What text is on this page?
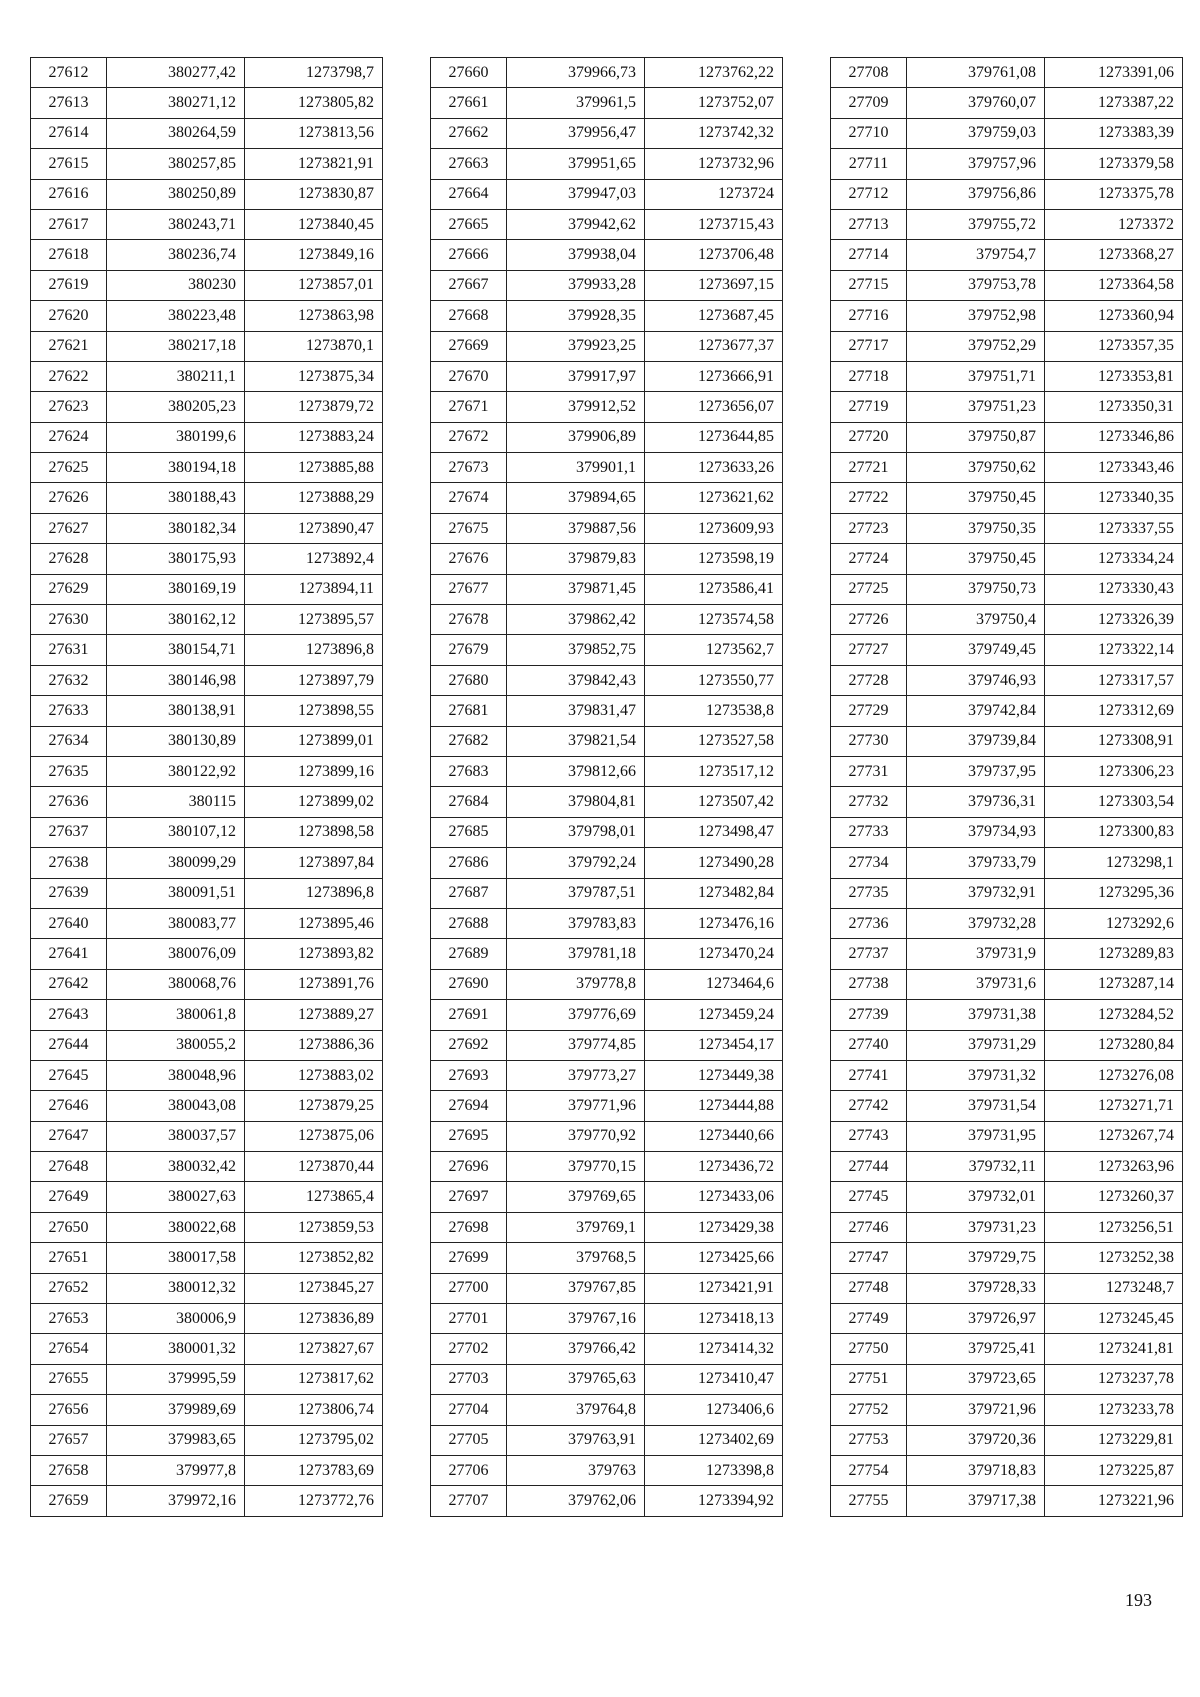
27612	380277,42	1273798,7
27613	380271,12	1273805,82
27614	380264,59	1273813,56
27615	380257,85	1273821,91
27616	380250,89	1273830,87
27617	380243,71	1273840,45
27618	380236,74	1273849,16
27619	380230	1273857,01
27620	380223,48	1273863,98
27621	380217,18	1273870,1
27622	380211,1	1273875,34
27623	380205,23	1273879,72
27624	380199,6	1273883,24
27625	380194,18	1273885,88
27626	380188,43	1273888,29
27627	380182,34	1273890,47
27628	380175,93	1273892,4
27629	380169,19	1273894,11
27630	380162,12	1273895,57
27631	380154,71	1273896,8
27632	380146,98	1273897,79
27633	380138,91	1273898,55
27634	380130,89	1273899,01
27635	380122,92	1273899,16
27636	380115	1273899,02
27637	380107,12	1273898,58
27638	380099,29	1273897,84
27639	380091,51	1273896,8
27640	380083,77	1273895,46
27641	380076,09	1273893,82
27642	380068,76	1273891,76
27643	380061,8	1273889,27
27644	380055,2	1273886,36
27645	380048,96	1273883,02
27646	380043,08	1273879,25
27647	380037,57	1273875,06
27648	380032,42	1273870,44
27649	380027,63	1273865,4
27650	380022,68	1273859,53
27651	380017,58	1273852,82
27652	380012,32	1273845,27
27653	380006,9	1273836,89
27654	380001,32	1273827,67
27655	379995,59	1273817,62
27656	379989,69	1273806,74
27657	379983,65	1273795,02
27658	379977,8	1273783,69
27659	379972,16	1273772,76
27660	379966,73	1273762,22
27661	379961,5	1273752,07
27662	379956,47	1273742,32
27663	379951,65	1273732,96
27664	379947,03	1273724
27665	379942,62	1273715,43
27666	379938,04	1273706,48
27667	379933,28	1273697,15
27668	379928,35	1273687,45
27669	379923,25	1273677,37
27670	379917,97	1273666,91
27671	379912,52	1273656,07
27672	379906,89	1273644,85
27673	379901,1	1273633,26
27674	379894,65	1273621,62
27675	379887,56	1273609,93
27676	379879,83	1273598,19
27677	379871,45	1273586,41
27678	379862,42	1273574,58
27679	379852,75	1273562,7
27680	379842,43	1273550,77
27681	379831,47	1273538,8
27682	379821,54	1273527,58
27683	379812,66	1273517,12
27684	379804,81	1273507,42
27685	379798,01	1273498,47
27686	379792,24	1273490,28
27687	379787,51	1273482,84
27688	379783,83	1273476,16
27689	379781,18	1273470,24
27690	379778,8	1273464,6
27691	379776,69	1273459,24
27692	379774,85	1273454,17
27693	379773,27	1273449,38
27694	379771,96	1273444,88
27695	379770,92	1273440,66
27696	379770,15	1273436,72
27697	379769,65	1273433,06
27698	379769,1	1273429,38
27699	379768,5	1273425,66
27700	379767,85	1273421,91
27701	379767,16	1273418,13
27702	379766,42	1273414,32
27703	379765,63	1273410,47
27704	379764,8	1273406,6
27705	379763,91	1273402,69
27706	379763	1273398,8
27707	379762,06	1273394,92
27708	379761,08	1273391,06
27709	379760,07	1273387,22
27710	379759,03	1273383,39
27711	379757,96	1273379,58
27712	379756,86	1273375,78
27713	379755,72	1273372
27714	379754,7	1273368,27
27715	379753,78	1273364,58
27716	379752,98	1273360,94
27717	379752,29	1273357,35
27718	379751,71	1273353,81
27719	379751,23	1273350,31
27720	379750,87	1273346,86
27721	379750,62	1273343,46
27722	379750,45	1273340,35
27723	379750,35	1273337,55
27724	379750,45	1273334,24
27725	379750,73	1273330,43
27726	379750,4	1273326,39
27727	379749,45	1273322,14
27728	379746,93	1273317,57
27729	379742,84	1273312,69
27730	379739,84	1273308,91
27731	379737,95	1273306,23
27732	379736,31	1273303,54
27733	379734,93	1273300,83
27734	379733,79	1273298,1
27735	379732,91	1273295,36
27736	379732,28	1273292,6
27737	379731,9	1273289,83
27738	379731,6	1273287,14
27739	379731,38	1273284,52
27740	379731,29	1273280,84
27741	379731,32	1273276,08
27742	379731,54	1273271,71
27743	379731,95	1273267,74
27744	379732,11	1273263,96
27745	379732,01	1273260,37
27746	379731,23	1273256,51
27747	379729,75	1273252,38
27748	379728,33	1273248,7
27749	379726,97	1273245,45
27750	379725,41	1273241,81
27751	379723,65	1273237,78
27752	379721,96	1273233,78
27753	379720,36	1273229,81
27754	379718,83	1273225,87
27755	379717,38	1273221,96
193
